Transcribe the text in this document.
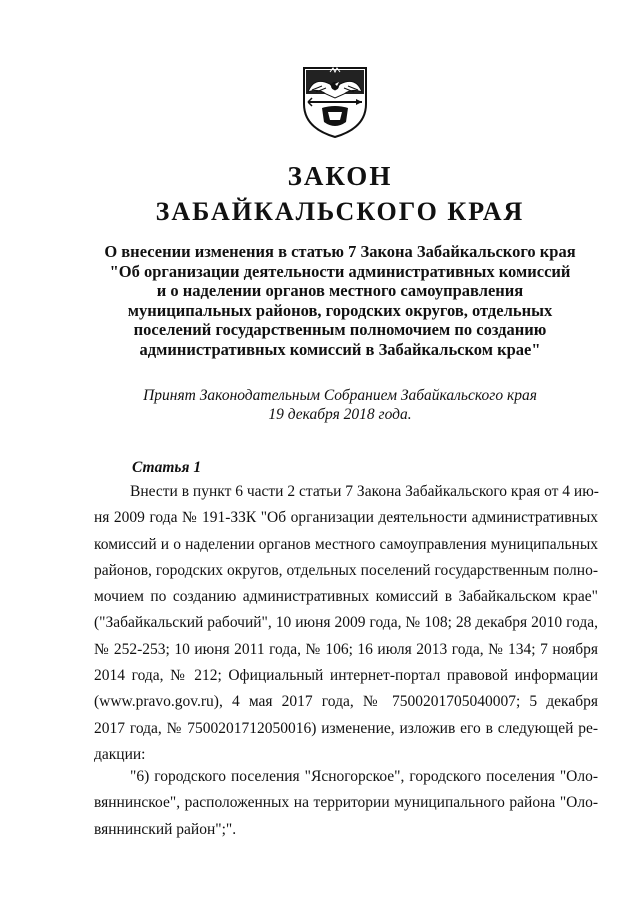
ЗАКОН
ЗАБАЙКАЛЬСКОГО КРАЯ

О внесении изменения в статью 7 Закона Забайкальского края
"Об организации деятельности административных комиссий
и о наделении органов местного самоуправления
муниципальных районов, городских округов, отдельных
поселений государственным полномочием по созданию
административных комиссий в Забайкальском крае"

Принят Законодательным Собранием Забайкальского края
19 декабря 2018 года.

Статья 1

Внести в пункт 6 части 2 статьи 7 Закона Забайкальского края от 4 ию-
ня 2009 года № 191-ЗЗК "Об организации деятельности административных
комиссий и о наделении органов местного самоуправления муниципальных
районов, городских округов, отдельных поселений государственным полно-
мочием по созданию административных комиссий в Забайкальском крае"
("Забайкальский рабочий", 10 июня 2009 года, № 108; 28 декабря 2010 года,
№ 252-253; 10 июня 2011 года, № 106; 16 июля 2013 года, № 134; 7 ноября
2014 года, № 212; Официальный интернет-портал правовой информации
(www.pravo.gov.ru), 4 мая 2017 года, № 7500201705040007; 5 декабря
2017 года, № 7500201712050016) изменение, изложив его в следующей ре-
дакции:

"6) городского поселения "Ясногорское", городского поселения "Оло-
вяннинское", расположенных на территории муниципального района "Оло-
вяннинский район";".
